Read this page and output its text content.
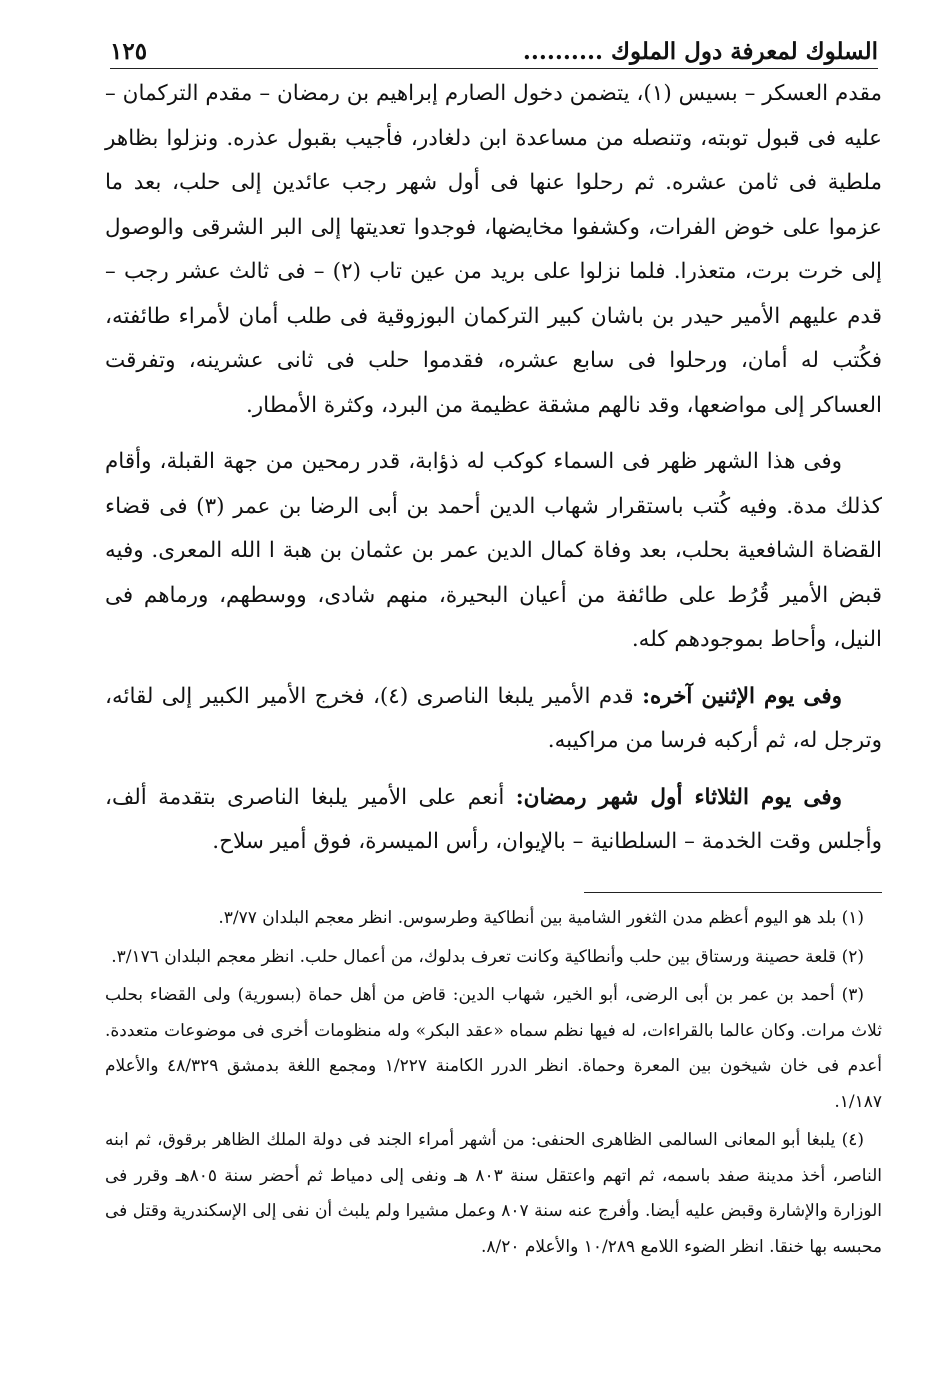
السلوك لمعرفة دول الملوك ..........
١٢٥

مقدم العسكر – بسيس (١)، يتضمن دخول الصارم إبراهيم بن رمضان – مقدم التركمان – عليه فى قبول توبته، وتنصله من مساعدة ابن دلغادر، فأجيب بقبول عذره. ونزلوا بظاهر ملطية فى ثامن عشره. ثم رحلوا عنها فى أول شهر رجب عائدين إلى حلب، بعد ما عزموا على خوض الفرات، وكشفوا مخايضها، فوجدوا تعديتها إلى البر الشرقى والوصول إلى خرت برت، متعذرا. فلما نزلوا على بريد من عين تاب (٢) – فى ثالث عشر رجب – قدم عليهم الأمير حيدر بن باشان كبير التركمان البوزوقية فى طلب أمان لأمراء طائفته، فكُتب له أمان، ورحلوا فى سابع عشره، فقدموا حلب فى ثانى عشرينه، وتفرقت العساكر إلى مواضعها، وقد نالهم مشقة عظيمة من البرد، وكثرة الأمطار.

وفى هذا الشهر ظهر فى السماء كوكب له ذؤابة، قدر رمحين من جهة القبلة، وأقام كذلك مدة. وفيه كُتب باستقرار شهاب الدين أحمد بن أبى الرضا بن عمر (٣) فى قضاء القضاة الشافعية بحلب، بعد وفاة كمال الدين عمر بن عثمان بن هبة ا الله المعرى. وفيه قبض الأمير قُرُط على طائفة من أعيان البحيرة، منهم شادى، ووسطهم، ورماهم فى النيل، وأحاط بموجودهم كله.

وفى يوم الإثنين آخره: قدم الأمير يلبغا الناصرى (٤)، فخرج الأمير الكبير إلى لقائه، وترجل له، ثم أركبه فرسا من مراكيبه.

وفى يوم الثلاثاء أول شهر رمضان: أنعم على الأمير يلبغا الناصرى بتقدمة ألف، وأجلس وقت الخدمة – السلطانية – بالإيوان، رأس الميسرة، فوق أمير سلاح.

(١) بلد هو اليوم أعظم مدن الثغور الشامية بين أنطاكية وطرسوس. انظر معجم البلدان ٣/٧٧.

(٢) قلعة حصينة ورستاق بين حلب وأنطاكية وكانت تعرف بدلوك، من أعمال حلب. انظر معجم البلدان ٣/١٧٦.

(٣) أحمد بن عمر بن أبى الرضى، أبو الخير، شهاب الدين: قاض من أهل حماة (بسورية) ولى القضاء بحلب ثلاث مرات. وكان عالما بالقراءات، له فيها نظم سماه «عقد البكر» وله منظومات أخرى فى موضوعات متعددة. أعدم فى خان شيخون بين المعرة وحماة. انظر الدرر الكامنة ١/٢٢٧ ومجمع اللغة بدمشق ٤٨/٣٢٩ والأعلام ١/١٨٧.

(٤) يلبغا أبو المعانى السالمى الظاهرى الحنفى: من أشهر أمراء الجند فى دولة الملك الظاهر برقوق، ثم ابنه الناصر، أخذ مدينة صفد باسمه، ثم اتهم واعتقل سنة ٨٠٣ هـ ونفى إلى دمياط ثم أحضر سنة ٨٠٥هـ وقرر فى الوزارة والإشارة وقبض عليه أيضا. وأفرج عنه سنة ٨٠٧ وعمل مشيرا ولم يلبث أن نفى إلى الإسكندرية وقتل فى محبسه بها خنقا. انظر الضوء اللامع ١٠/٢٨٩ والأعلام ٨/٢٠.
